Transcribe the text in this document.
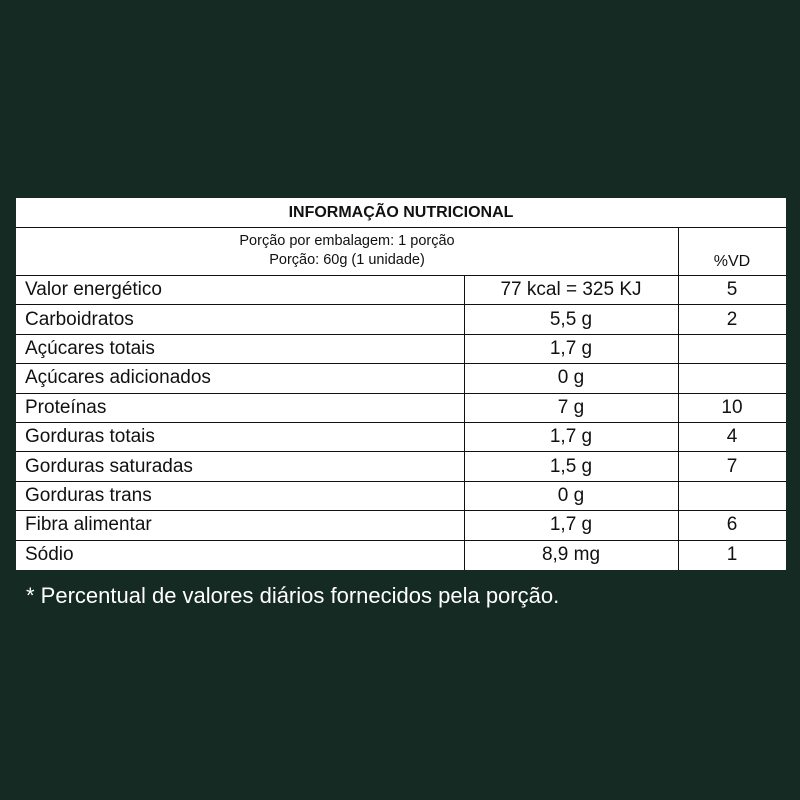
INFORMAÇÃO NUTRICIONAL
Porção por embalagem: 1 porção
Porção: 60g (1 unidade)	%VD
Valor energético	77 kcal = 325 KJ	5
Carboidratos	5,5 g	2
Açúcares totais	1,7 g
Açúcares adicionados	0 g
Proteínas	7 g	10
Gorduras totais	1,7 g	4
Gorduras saturadas	1,5 g	7
Gorduras trans	0 g
Fibra alimentar	1,7 g	6
Sódio	8,9 mg	1
* Percentual de valores diários fornecidos pela porção.
